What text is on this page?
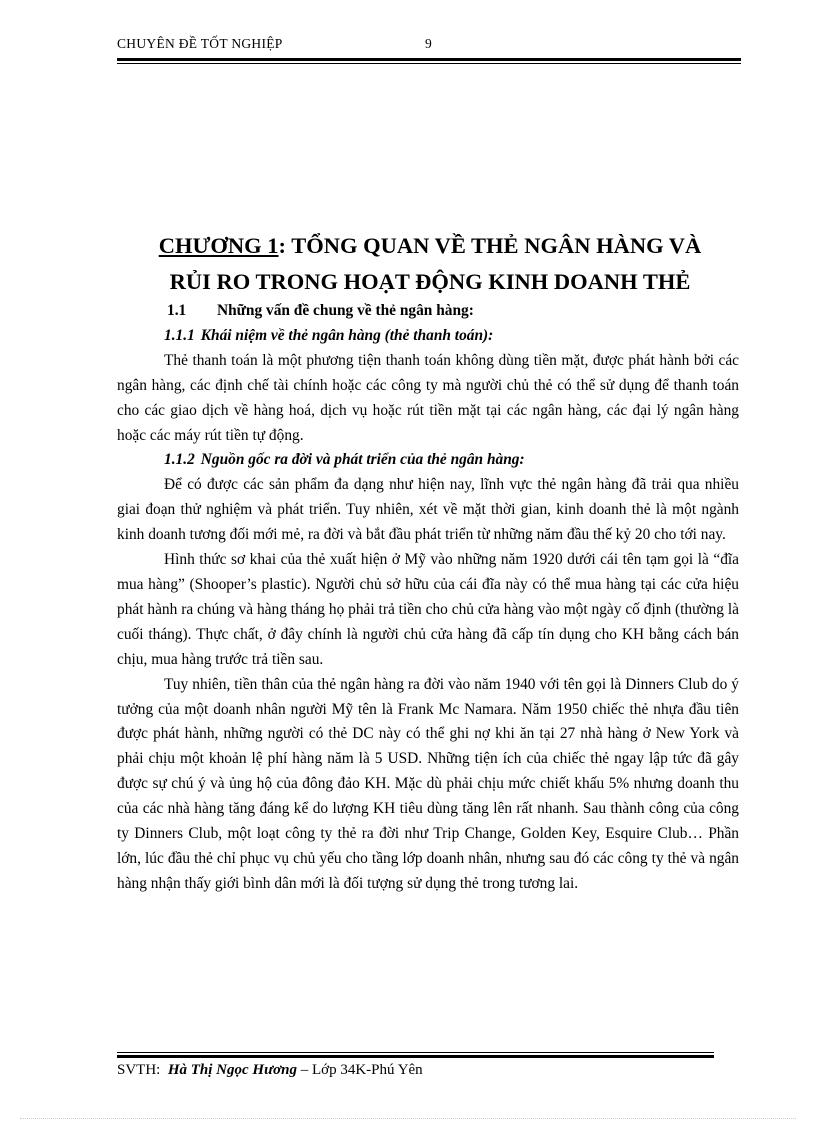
CHUYÊN ĐỀ TỐT NGHIỆP	9
CHƯƠNG 1: TỔNG QUAN VỀ THẺ NGÂN HÀNG VÀ
RỦI RO TRONG HOẠT ĐỘNG KINH DOANH THẺ
1.1 Những vấn đề chung về thẻ ngân hàng:
1.1.1 Khái niệm về thẻ ngân hàng (thẻ thanh toán):

Thẻ thanh toán là một phương tiện thanh toán không dùng tiền mặt, được phát hành bởi các ngân hàng, các định chế tài chính hoặc các công ty mà người chủ thẻ có thể sử dụng để thanh toán cho các giao dịch về hàng hoá, dịch vụ hoặc rút tiền mặt tại các ngân hàng, các đại lý ngân hàng hoặc các máy rút tiền tự động.

1.1.2 Nguồn gốc ra đời và phát triển của thẻ ngân hàng:

Để có được các sản phẩm đa dạng như hiện nay, lĩnh vực thẻ ngân hàng đã trải qua nhiều giai đoạn thử nghiệm và phát triển. Tuy nhiên, xét về mặt thời gian, kinh doanh thẻ là một ngành kinh doanh tương đối mới mẻ, ra đời và bắt đầu phát triển từ những năm đầu thế kỷ 20 cho tới nay.

Hình thức sơ khai của thẻ xuất hiện ở Mỹ vào những năm 1920 dưới cái tên tạm gọi là “đĩa mua hàng” (Shooper’s plastic). Người chủ sở hữu của cái đĩa này có thể mua hàng tại các cửa hiệu phát hành ra chúng và hàng tháng họ phải trả tiền cho chủ cửa hàng vào một ngày cố định (thường là cuối tháng). Thực chất, ở đây chính là người chủ cửa hàng đã cấp tín dụng cho KH bằng cách bán chịu, mua hàng trước trả tiền sau.

Tuy nhiên, tiền thân của thẻ ngân hàng ra đời vào năm 1940 với tên gọi là Dinners Club do ý tưởng của một doanh nhân người Mỹ tên là Frank Mc Namara. Năm 1950 chiếc thẻ nhựa đầu tiên được phát hành, những người có thẻ DC này có thể ghi nợ khi ăn tại 27 nhà hàng ở New York và phải chịu một khoản lệ phí hàng năm là 5 USD. Những tiện ích của chiếc thẻ ngay lập tức đã gây được sự chú ý và ủng hộ của đông đảo KH. Mặc dù phải chịu mức chiết khấu 5% nhưng doanh thu của các nhà hàng tăng đáng kể do lượng KH tiêu dùng tăng lên rất nhanh. Sau thành công của công ty Dinners Club, một loạt công ty thẻ ra đời như Trip Change, Golden Key, Esquire Club… Phần lớn, lúc đầu thẻ chỉ phục vụ chủ yếu cho tầng lớp doanh nhân, nhưng sau đó các công ty thẻ và ngân hàng nhận thấy giới bình dân mới là đối tượng sử dụng thẻ trong tương lai.

SVTH: Hà Thị Ngọc Hương – Lớp 34K-Phú Yên
